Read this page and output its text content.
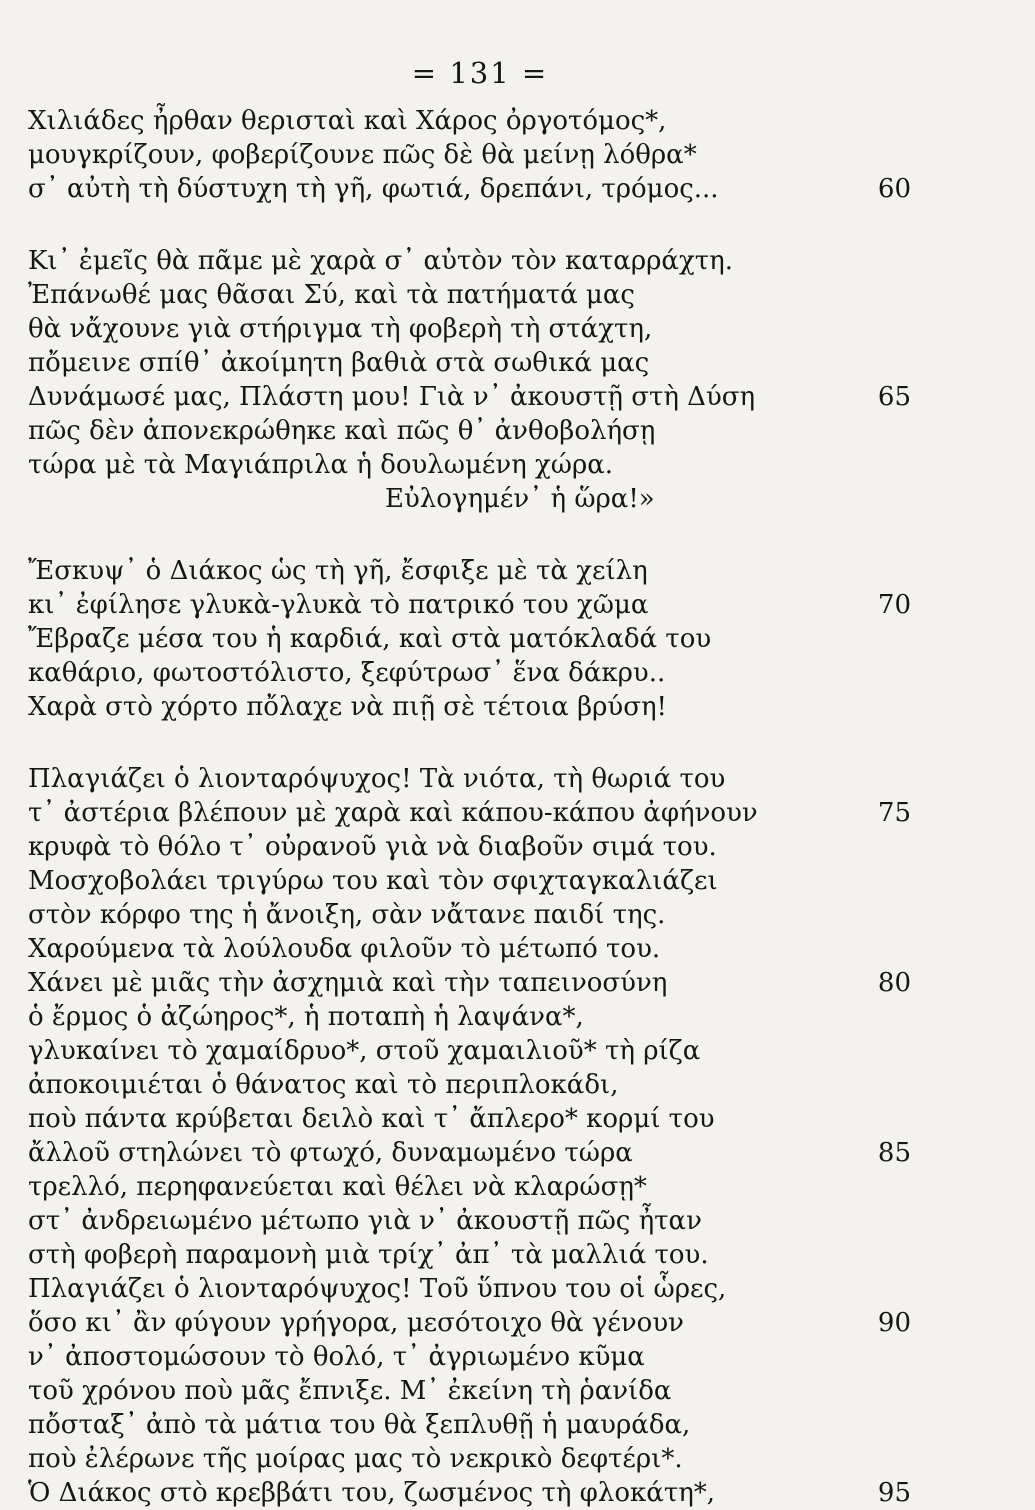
= 131 =
Χιλιάδες ἦρθαν θερισταὶ καὶ Χάρος ὀργοτόμος*,
μουγκρίζουν, φοβερίζουνε πῶς δὲ θὰ μείνῃ λόθρα*
σ᾽ αὐτὴ τὴ δύστυχη τὴ γῆ, φωτιά, δρεπάνι, τρόμος...	60
Κι᾽ ἐμεῖς θὰ πᾶμε μὲ χαρὰ σ᾽ αὐτὸν τὸν καταρράχτη.
Ἐπάνωθέ μας θᾶσαι Σύ, καὶ τὰ πατήματά μας
θὰ νἄχουνε γιὰ στήριγμα τὴ φοβερὴ τὴ στάχτη,
πὄμεινε σπίθ᾽ ἀκοίμητη βαθιὰ στὰ σωθικά μας
Δυνάμωσέ μας, Πλάστη μου! Γιὰ ν᾽ ἀκουστῇ στὴ Δύση	65
πῶς δὲν ἀπονεκρώθηκε καὶ πῶς θ᾽ ἀνθοβολήσῃ
τώρα μὲ τὰ Μαγιάπριλα ἡ δουλωμένη χώρα.
Εὐλογημέν᾽ ἡ ὥρα!»
Ἔσκυψ᾽ ὁ Διάκος ὡς τὴ γῆ, ἔσφιξε μὲ τὰ χείλη
κι᾽ ἐφίλησε γλυκὰ-γλυκὰ τὸ πατρικό του χῶμα	70
Ἔβραζε μέσα του ἡ καρδιά, καὶ στὰ ματόκλαδά του
καθάριο, φωτοστόλιστο, ξεφύτρωσ᾽ ἕνα δάκρυ..
Χαρὰ στὸ χόρτο πὄλαχε νὰ πιῇ σὲ τέτοια βρύση!
Πλαγιάζει ὁ λιονταρόψυχος! Τὰ νιότα, τὴ θωριά του
τ᾽ ἀστέρια βλέπουν μὲ χαρὰ καὶ κάπου-κάπου ἀφήνουν	75
κρυφὰ τὸ θόλο τ᾽ οὐρανοῦ γιὰ νὰ διαβοῦν σιμά του.
Μοσχοβολάει τριγύρω του καὶ τὸν σφιχταγκαλιάζει
στὸν κόρφο της ἡ ἄνοιξη, σὰν νἄτανε παιδί της.
Χαρούμενα τὰ λούλουδα φιλοῦν τὸ μέτωπό του.
Χάνει μὲ μιᾶς τὴν ἀσχημιὰ καὶ τὴν ταπεινοσύνη	80
ὁ ἔρμος ὁ ἀζώηρος*, ἡ ποταπὴ ἡ λαψάνα*,
γλυκαίνει τὸ χαμαίδρυο*, στοῦ χαμαιλιοῦ* τὴ ρίζα
ἀποκοιμιέται ὁ θάνατος καὶ τὸ περιπλοκάδι,
ποὺ πάντα κρύβεται δειλὸ καὶ τ᾽ ἄπλερο* κορμί του
ἄλλοῦ στηλώνει τὸ φτωχό, δυναμωμένο τώρα	85
τρελλό, περηφανεύεται καὶ θέλει νὰ κλαρώσῃ*
στ᾽ ἀνδρειωμένο μέτωπο γιὰ ν᾽ ἀκουστῇ πῶς ἦταν
στὴ φοβερὴ παραμονὴ μιὰ τρίχ᾽ ἀπ᾽ τὰ μαλλιά του.
Πλαγιάζει ὁ λιονταρόψυχος! Τοῦ ὕπνου του οἱ ὧρες,
ὅσο κι᾽ ἂν φύγουν γρήγορα, μεσότοιχο θὰ γένουν	90
ν᾽ ἀποστομώσουν τὸ θολό, τ᾽ ἀγριωμένο κῦμα
τοῦ χρόνου ποὺ μᾶς ἔπνιξε. Μ᾽ ἐκείνη τὴ ῥανίδα
πὄσταξ᾽ ἀπὸ τὰ μάτια του θὰ ξεπλυθῇ ἡ μαυράδα,
ποὺ ἐλέρωνε τῆς μοίρας μας τὸ νεκρικὸ δεφτέρι*.
Ὁ Διάκος στὸ κρεββάτι του, ζωσμένος τὴ φλοκάτη*,	95
